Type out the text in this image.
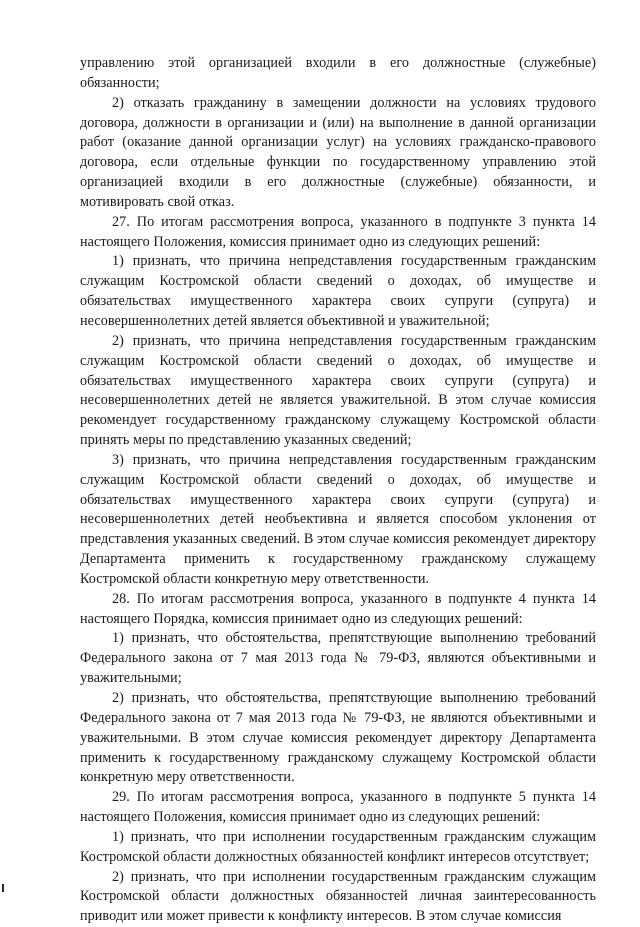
управлению этой организацией входили в его должностные (служебные) обязанности;

2) отказать гражданину в замещении должности на условиях трудового договора, должности в организации и (или) на выполнение в данной организации работ (оказание данной организации услуг) на условиях гражданско-правового договора, если отдельные функции по государственному управлению этой организацией входили в его должностные (служебные) обязанности, и мотивировать свой отказ.

27. По итогам рассмотрения вопроса, указанного в подпункте 3 пункта 14 настоящего Положения, комиссия принимает одно из следующих решений:

1) признать, что причина непредставления государственным гражданским служащим Костромской области сведений о доходах, об имуществе и обязательствах имущественного характера своих супруги (супруга) и несовершеннолетних детей является объективной и уважительной;

2) признать, что причина непредставления государственным гражданским служащим Костромской области сведений о доходах, об имуществе и обязательствах имущественного характера своих супруги (супруга) и несовершеннолетних детей не является уважительной. В этом случае комиссия рекомендует государственному гражданскому служащему Костромской области принять меры по представлению указанных сведений;

3) признать, что причина непредставления государственным гражданским служащим Костромской области сведений о доходах, об имуществе и обязательствах имущественного характера своих супруги (супруга) и несовершеннолетних детей необъективна и является способом уклонения от представления указанных сведений. В этом случае комиссия рекомендует директору Департамента применить к государственному гражданскому служащему Костромской области конкретную меру ответственности.

28. По итогам рассмотрения вопроса, указанного в подпункте 4 пункта 14 настоящего Порядка, комиссия принимает одно из следующих решений:

1) признать, что обстоятельства, препятствующие выполнению требований Федерального закона от 7 мая 2013 года № 79-ФЗ, являются объективными и уважительными;

2) признать, что обстоятельства, препятствующие выполнению требований Федерального закона от 7 мая 2013 года № 79-ФЗ, не являются объективными и уважительными. В этом случае комиссия рекомендует директору Департамента применить к государственному гражданскому служащему Костромской области конкретную меру ответственности.

29. По итогам рассмотрения вопроса, указанного в подпункте 5 пункта 14 настоящего Положения, комиссия принимает одно из следующих решений:

1) признать, что при исполнении государственным гражданским служащим Костромской области должностных обязанностей конфликт интересов отсутствует;

2) признать, что при исполнении государственным гражданским служащим Костромской области должностных обязанностей личная заинтересованность приводит или может привести к конфликту интересов. В этом случае комиссия
